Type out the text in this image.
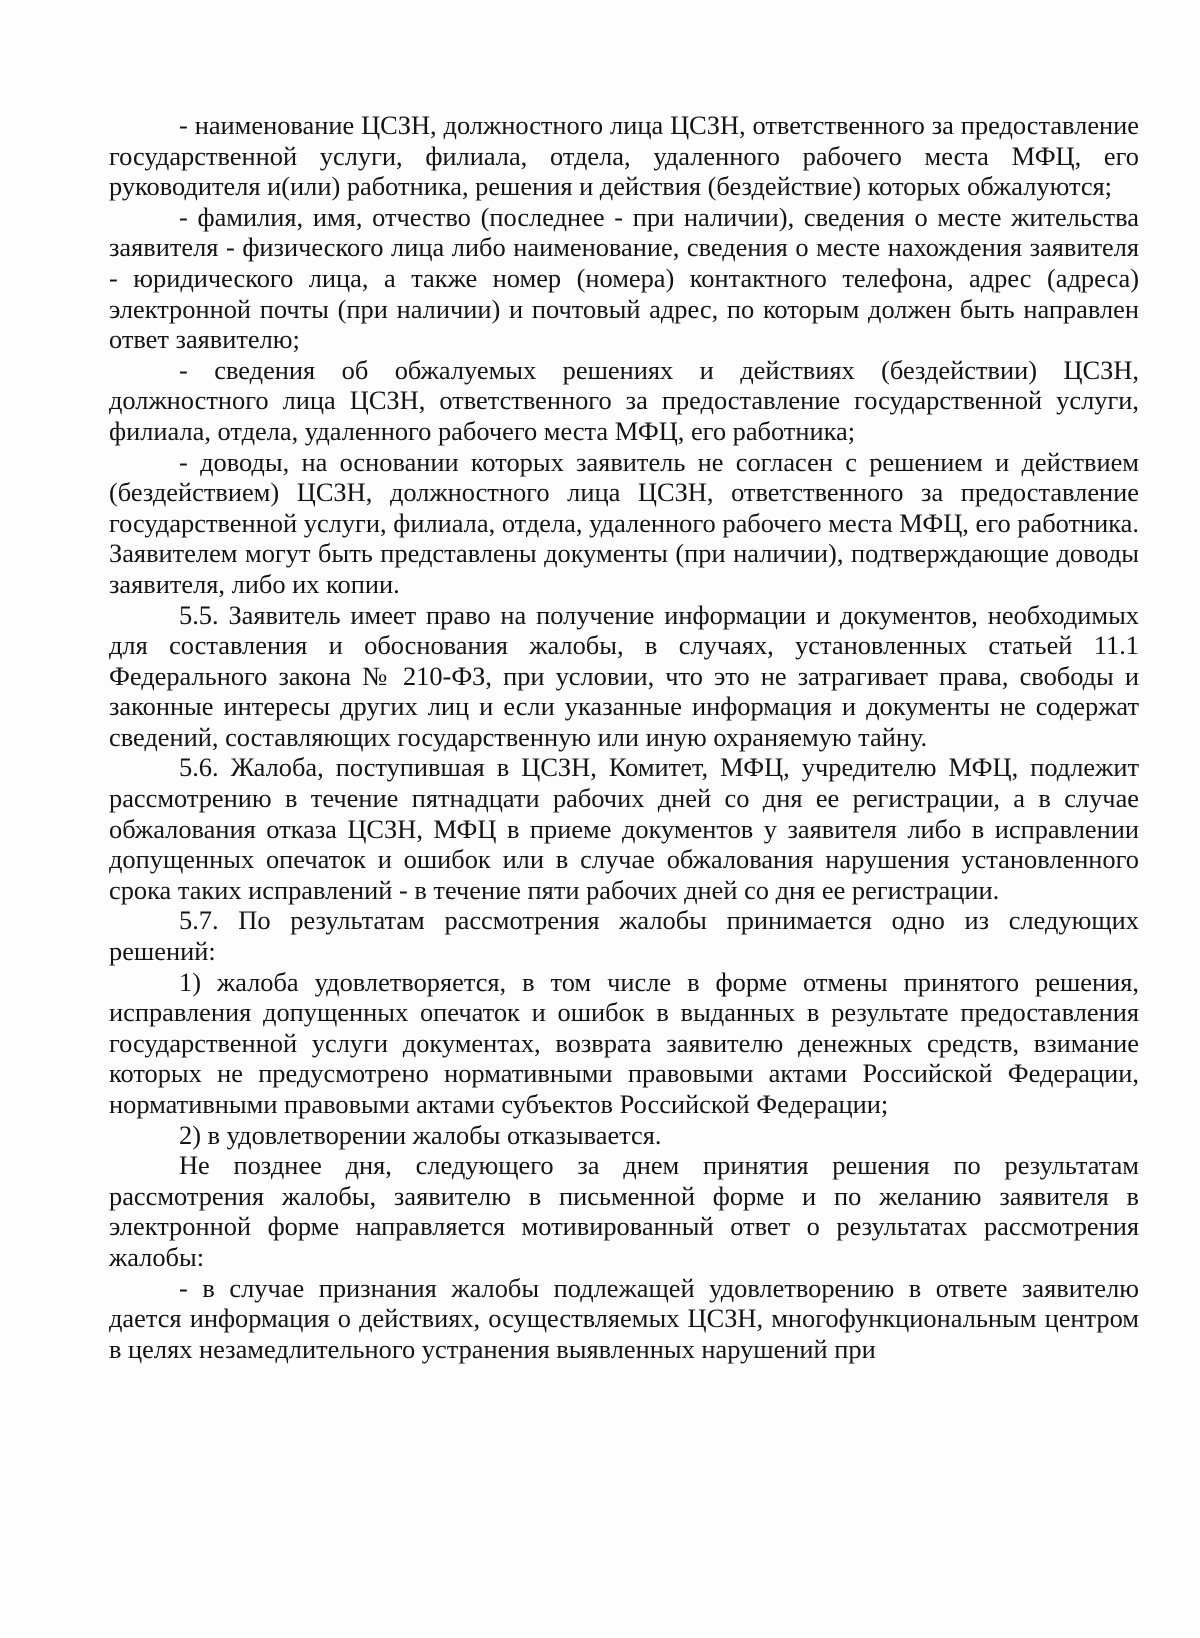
- наименование ЦСЗН, должностного лица ЦСЗН, ответственного за предоставление государственной услуги, филиала, отдела, удаленного рабочего места МФЦ, его руководителя и(или) работника, решения и действия (бездействие) которых обжалуются;

- фамилия, имя, отчество (последнее - при наличии), сведения о месте жительства заявителя - физического лица либо наименование, сведения о месте нахождения заявителя - юридического лица, а также номер (номера) контактного телефона, адрес (адреса) электронной почты (при наличии) и почтовый адрес, по которым должен быть направлен ответ заявителю;

- сведения об обжалуемых решениях и действиях (бездействии) ЦСЗН, должностного лица ЦСЗН, ответственного за предоставление государственной услуги, филиала, отдела, удаленного рабочего места МФЦ, его работника;

- доводы, на основании которых заявитель не согласен с решением и действием (бездействием) ЦСЗН, должностного лица ЦСЗН, ответственного за предоставление государственной услуги, филиала, отдела, удаленного рабочего места МФЦ, его работника. Заявителем могут быть представлены документы (при наличии), подтверждающие доводы заявителя, либо их копии.

5.5. Заявитель имеет право на получение информации и документов, необходимых для составления и обоснования жалобы, в случаях, установленных статьей 11.1 Федерального закона № 210-ФЗ, при условии, что это не затрагивает права, свободы и законные интересы других лиц и если указанные информация и документы не содержат сведений, составляющих государственную или иную охраняемую тайну.

5.6. Жалоба, поступившая в ЦСЗН, Комитет, МФЦ, учредителю МФЦ, подлежит рассмотрению в течение пятнадцати рабочих дней со дня ее регистрации, а в случае обжалования отказа ЦСЗН, МФЦ в приеме документов у заявителя либо в исправлении допущенных опечаток и ошибок или в случае обжалования нарушения установленного срока таких исправлений - в течение пяти рабочих дней со дня ее регистрации.

5.7. По результатам рассмотрения жалобы принимается одно из следующих решений:

1) жалоба удовлетворяется, в том числе в форме отмены принятого решения, исправления допущенных опечаток и ошибок в выданных в результате предоставления государственной услуги документах, возврата заявителю денежных средств, взимание которых не предусмотрено нормативными правовыми актами Российской Федерации, нормативными правовыми актами субъектов Российской Федерации;

2) в удовлетворении жалобы отказывается.

Не позднее дня, следующего за днем принятия решения по результатам рассмотрения жалобы, заявителю в письменной форме и по желанию заявителя в электронной форме направляется мотивированный ответ о результатах рассмотрения жалобы:

- в случае признания жалобы подлежащей удовлетворению в ответе заявителю дается информация о действиях, осуществляемых ЦСЗН, многофункциональным центром в целях незамедлительного устранения выявленных нарушений при
